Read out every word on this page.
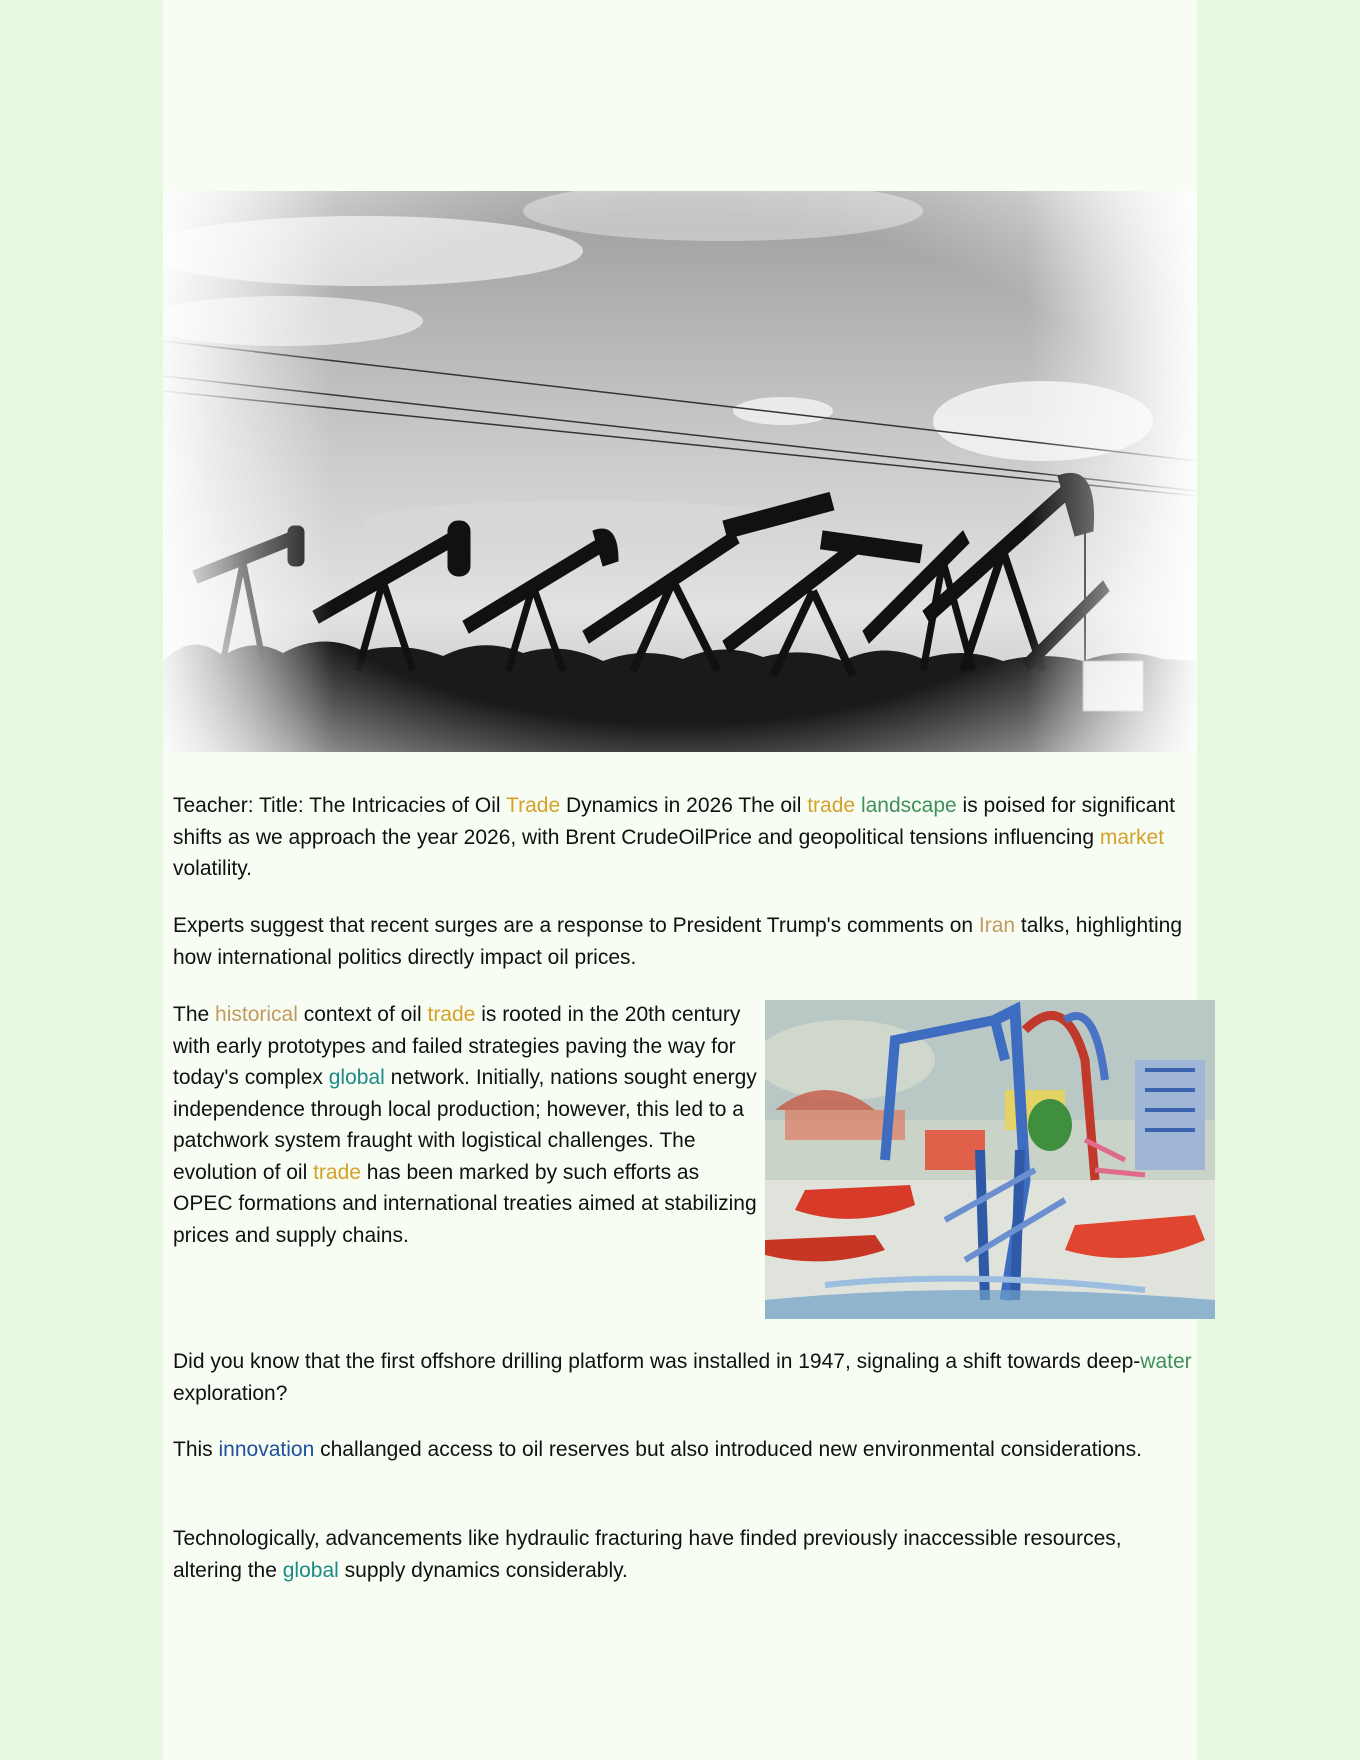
Teacher: Title: The Intricacies of Oil Trade Dynamics in 2026 The oil trade landscape is poised for significant shifts as we approach the year 2026, with Brent CrudeOilPrice and geopolitical tensions influencing market volatility.

Experts suggest that recent surges are a response to President Trump's comments on Iran talks, highlighting how international politics directly impact oil prices.

The historical context of oil trade is rooted in the 20th century with early prototypes and failed strategies paving the way for today's complex global network. Initially, nations sought energy independence through local production; however, this led to a patchwork system fraught with logistical challenges. The evolution of oil trade has been marked by such efforts as OPEC formations and international treaties aimed at stabilizing prices and supply chains.

Did you know that the first offshore drilling platform was installed in 1947, signaling a shift towards deep-water exploration?

This innovation challanged access to oil reserves but also introduced new environmental considerations.

Technologically, advancements like hydraulic fracturing have finded previously inaccessible resources, altering the global supply dynamics considerably.
